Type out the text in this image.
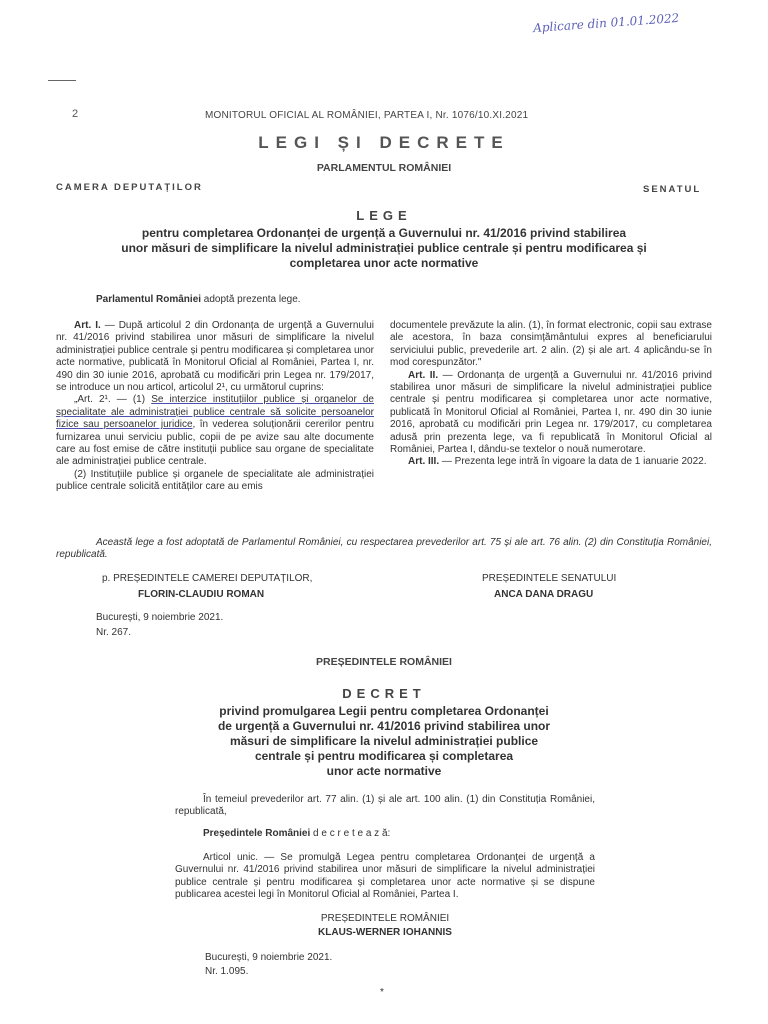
Aplicare din 01.01.2022
2	MONITORUL OFICIAL AL ROMÂNIEI, PARTEA I, Nr. 1076/10.XI.2021
LEGI ȘI DECRETE
PARLAMENTUL ROMÂNIEI
CAMERA DEPUTAȚILOR	SENATUL
LEGE
pentru completarea Ordonanței de urgență a Guvernului nr. 41/2016 privind stabilirea
unor măsuri de simplificare la nivelul administrației publice centrale și pentru modificarea și
completarea unor acte normative
Parlamentul României adoptă prezenta lege.

Art. I. — După articolul 2 din Ordonanța de urgență a Guvernului nr. 41/2016 privind stabilirea unor măsuri de simplificare la nivelul administrației publice centrale și pentru modificarea și completarea unor acte normative, publicată în Monitorul Oficial al României, Partea I, nr. 490 din 30 iunie 2016, aprobată cu modificări prin Legea nr. 179/2017, se introduce un nou articol, articolul 2¹, cu următorul cuprins:

„Art. 2¹. — (1) Se interzice instituțiilor publice și organelor de specialitate ale administrației publice centrale să solicite persoanelor fizice sau persoanelor juridice, în vederea soluționării cererilor pentru furnizarea unui serviciu public, copii de pe avize sau alte documente care au fost emise de către instituții publice sau organe de specialitate ale administrației publice centrale.

(2) Instituțiile publice și organele de specialitate ale administrației publice centrale solicită entităților care au emis

documentele prevăzute la alin. (1), în format electronic, copii sau extrase ale acestora, în baza consimțământului expres al beneficiarului serviciului public, prevederile art. 2 alin. (2) și ale art. 4 aplicându-se în mod corespunzător."

Art. II. — Ordonanța de urgență a Guvernului nr. 41/2016 privind stabilirea unor măsuri de simplificare la nivelul administrației publice centrale și pentru modificarea și completarea unor acte normative, publicată în Monitorul Oficial al României, Partea I, nr. 490 din 30 iunie 2016, aprobată cu modificări prin Legea nr. 179/2017, cu completarea adusă prin prezenta lege, va fi republicată în Monitorul Oficial al României, Partea I, dându-se textelor o nouă numerotare.

Art. III. — Prezenta lege intră în vigoare la data de 1 ianuarie 2022.

Această lege a fost adoptată de Parlamentul României, cu respectarea prevederilor art. 75 și ale art. 76 alin. (2) din Constituția României, republicată.
p. PREȘEDINTELE CAMEREI DEPUTAȚILOR,
FLORIN-CLAUDIU ROMAN
PREȘEDINTELE SENATULUI
ANCA DANA DRAGU
București, 9 noiembrie 2021.
Nr. 267.
PREȘEDINTELE ROMÂNIEI
DECRET
privind promulgarea Legii pentru completarea Ordonanței
de urgență a Guvernului nr. 41/2016 privind stabilirea unor
măsuri de simplificare la nivelul administrației publice
centrale și pentru modificarea și completarea
unor acte normative
În temeiul prevederilor art. 77 alin. (1) și ale art. 100 alin. (1) din Constituția României, republicată,
Președintele României d e c r e t e a z ă:
Articol unic. — Se promulgă Legea pentru completarea Ordonanței de urgență a Guvernului nr. 41/2016 privind stabilirea unor măsuri de simplificare la nivelul administrației publice centrale și pentru modificarea și completarea unor acte normative și se dispune publicarea acestei legi în Monitorul Oficial al României, Partea I.
PREȘEDINTELE ROMÂNIEI
KLAUS-WERNER IOHANNIS
București, 9 noiembrie 2021.
Nr. 1.095.
*
